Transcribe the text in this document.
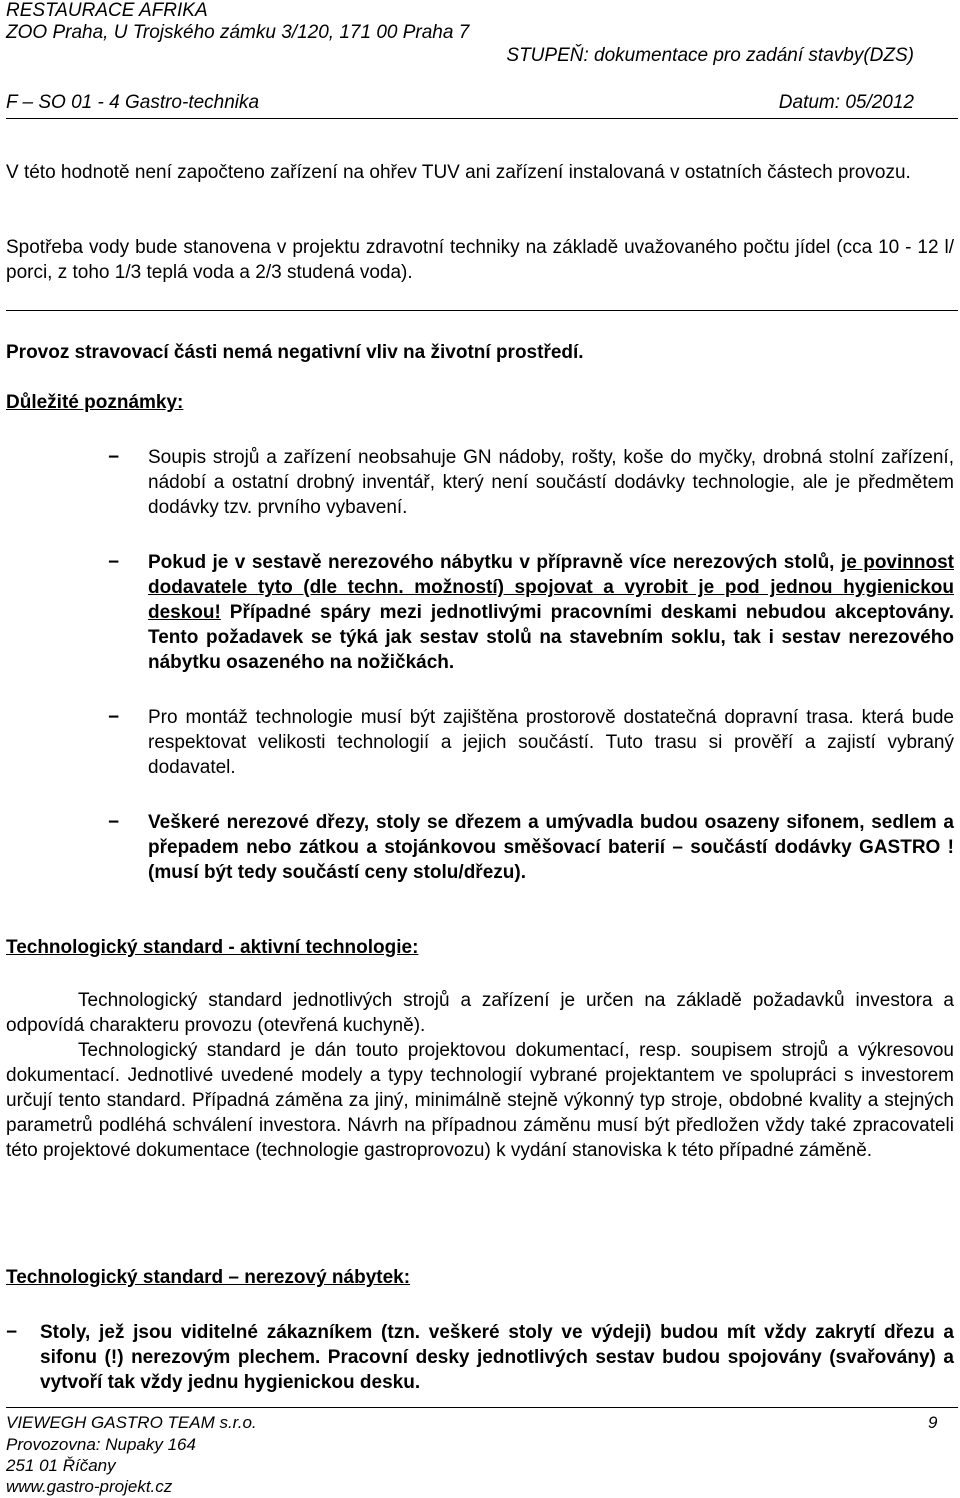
RESTAURACE AFRIKA
ZOO Praha, U Trojského zámku 3/120, 171 00 Praha 7
STUPEŇ: dokumentace pro zadání stavby(DZS)
F – SO 01 - 4 Gastro-technika	Datum: 05/2012
V této hodnotě není započteno zařízení na ohřev TUV ani zařízení instalovaná v ostatních částech provozu.
Spotřeba vody bude stanovena v projektu zdravotní techniky na základě uvažovaného počtu jídel (cca 10 - 12 l/ porci, z toho 1/3 teplá voda a 2/3 studená voda).
Provoz stravovací části nemá negativní vliv na životní prostředí.
Důležité poznámky:
− Soupis strojů a zařízení neobsahuje GN nádoby, rošty, koše do myčky, drobná stolní zařízení, nádobí a ostatní drobný inventář, který není součástí dodávky technologie, ale je předmětem dodávky tzv. prvního vybavení.
− Pokud je v sestavě nerezového nábytku v přípravně více nerezových stolů, je povinnost dodavatele tyto (dle techn. možností) spojovat a vyrobit je pod jednou hygienickou deskou! Případné spáry mezi jednotlivými pracovními deskami nebudou akceptovány. Tento požadavek se týká jak sestav stolů na stavebním soklu, tak i sestav nerezového nábytku osazeného na nožičkách.
− Pro montáž technologie musí být zajištěna prostorově dostatečná dopravní trasa. která bude respektovat velikosti technologií a jejich součástí. Tuto trasu si prověří a zajistí vybraný dodavatel.
− Veškeré nerezové dřezy, stoly se dřezem a umývadla budou osazeny sifonem, sedlem a přepadem nebo zátkou a stojánkovou směšovací baterií – součástí dodávky GASTRO ! (musí být tedy součástí ceny stolu/dřezu).
Technologický standard - aktivní technologie:
Technologický standard jednotlivých strojů a zařízení je určen na základě požadavků investora a odpovídá charakteru provozu (otevřená kuchyně).
Technologický standard je dán touto projektovou dokumentací, resp. soupisem strojů a výkresovou dokumentací. Jednotlivé uvedené modely a typy technologií vybrané projektantem ve spolupráci s investorem určují tento standard. Případná záměna za jiný, minimálně stejně výkonný typ stroje, obdobné kvality a stejných parametrů podléhá schválení investora. Návrh na případnou záměnu musí být předložen vždy také zpracovateli této projektové dokumentace (technologie gastroprovozu) k vydání stanoviska k této případné záměně.
Technologický standard – nerezový nábytek:
− Stoly, jež jsou viditelné zákazníkem (tzn. veškeré stoly ve výdeji) budou mít vždy zakrytí dřezu a sifonu (!) nerezovým plechem. Pracovní desky jednotlivých sestav budou spojovány (svařovány) a vytvoří tak vždy jednu hygienickou desku.
VIEWEGH GASTRO TEAM s.r.o.	9
Provozovna: Nupaky 164
251 01 Říčany
www.gastro-projekt.cz
